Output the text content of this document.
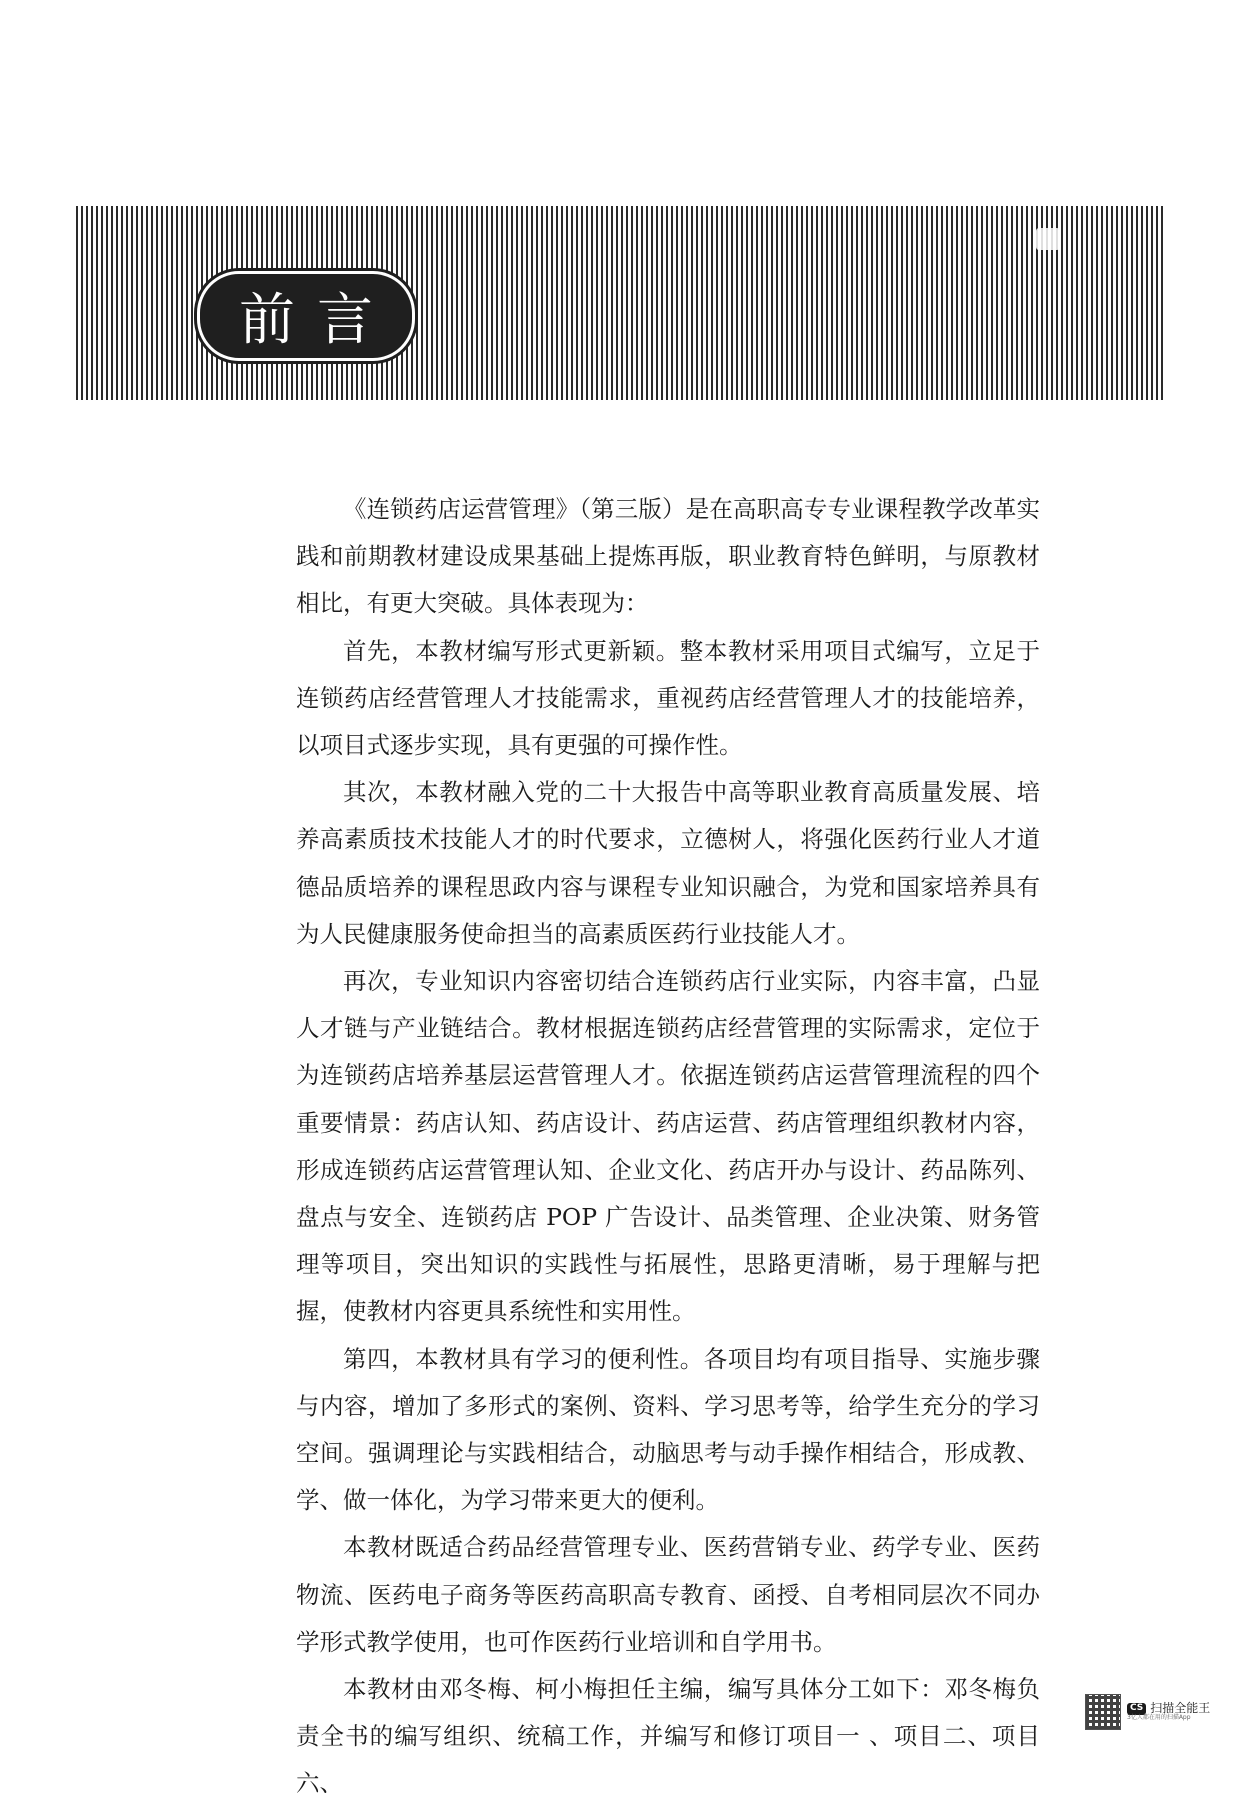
前言

《连锁药店运营管理》（第三版）是在高职高专专业课程教学改革实践和前期教材建设成果基础上提炼再版，职业教育特色鲜明，与原教材相比，有更大突破。具体表现为：

首先，本教材编写形式更新颖。整本教材采用项目式编写，立足于连锁药店经营管理人才技能需求，重视药店经营管理人才的技能培养，以项目式逐步实现，具有更强的可操作性。

其次，本教材融入党的二十大报告中高等职业教育高质量发展、培养高素质技术技能人才的时代要求，立德树人，将强化医药行业人才道德品质培养的课程思政内容与课程专业知识融合，为党和国家培养具有为人民健康服务使命担当的高素质医药行业技能人才。

再次，专业知识内容密切结合连锁药店行业实际，内容丰富，凸显人才链与产业链结合。教材根据连锁药店经营管理的实际需求，定位于为连锁药店培养基层运营管理人才。依据连锁药店运营管理流程的四个重要情景：药店认知、药店设计、药店运营、药店管理组织教材内容，形成连锁药店运营管理认知、企业文化、药店开办与设计、药品陈列、盘点与安全、连锁药店 POP 广告设计、品类管理、企业决策、财务管理等项目，突出知识的实践性与拓展性，思路更清晰，易于理解与把握，使教材内容更具系统性和实用性。

第四，本教材具有学习的便利性。各项目均有项目指导、实施步骤与内容，增加了多形式的案例、资料、学习思考等，给学生充分的学习空间。强调理论与实践相结合，动脑思考与动手操作相结合，形成教、学、做一体化，为学习带来更大的便利。

本教材既适合药品经营管理专业、医药营销专业、药学专业、医药物流、医药电子商务等医药高职高专教育、函授、自考相同层次不同办学形式教学使用，也可作医药行业培训和自学用书。

本教材由邓冬梅、柯小梅担任主编，编写具体分工如下：邓冬梅负责全书的编写组织、统稿工作，并编写和修订项目一 、项目二、项目六、

CS 扫描全能王
3亿人都在用的扫描App
